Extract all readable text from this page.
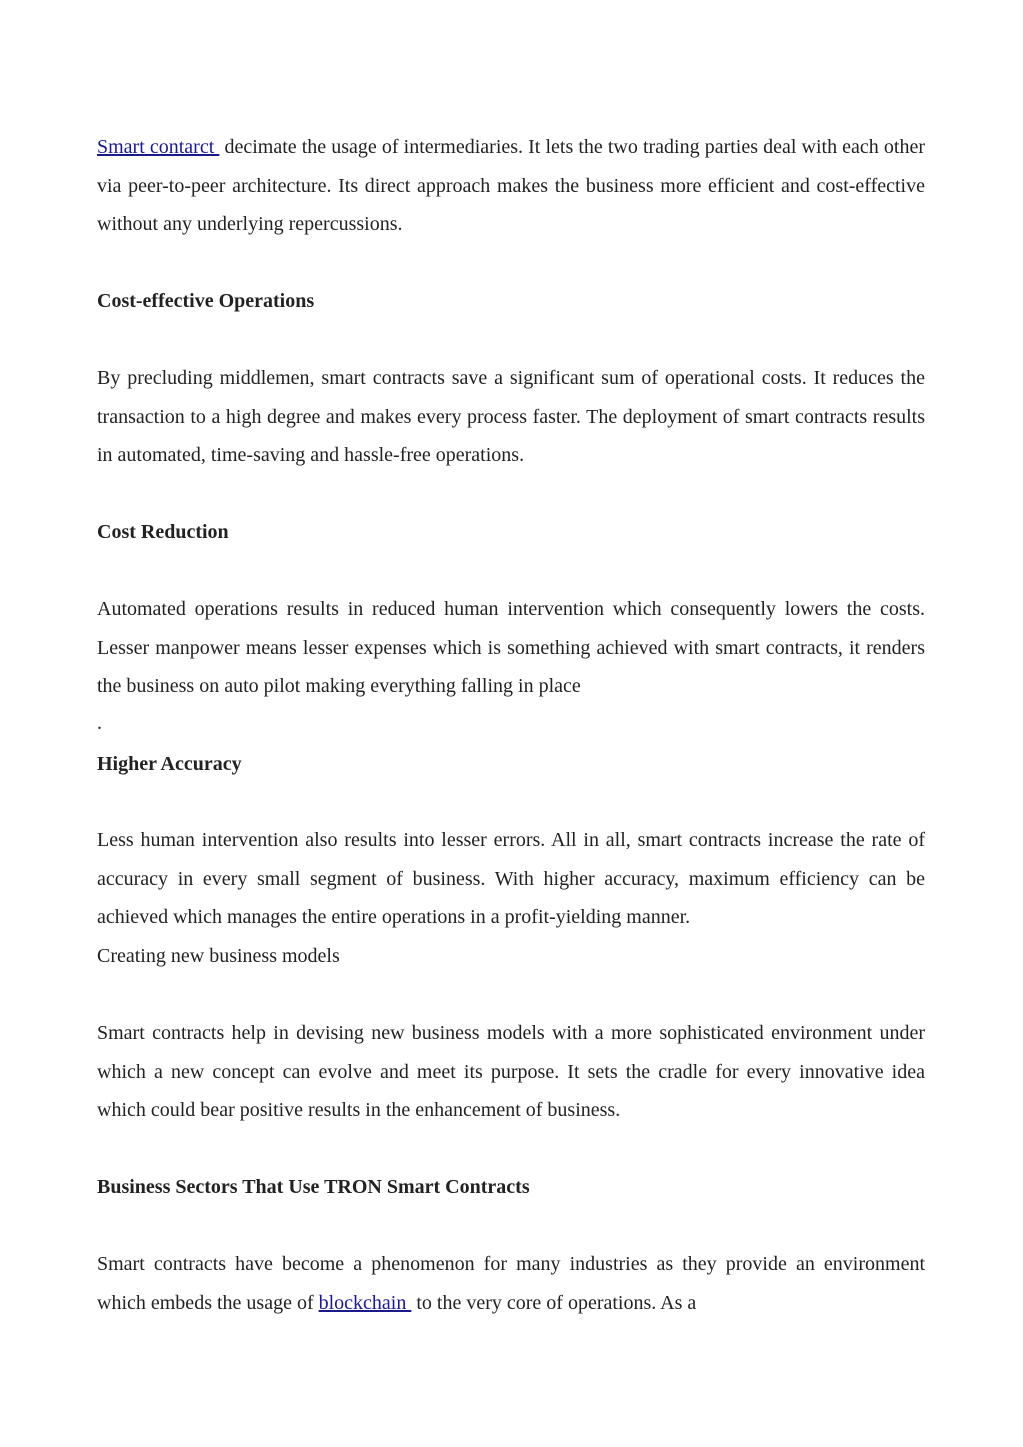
Smart contarct  decimate the usage of intermediaries. It lets the two trading parties deal with each other via peer-to-peer architecture. Its direct approach makes the business more efficient and cost-effective without any underlying repercussions.

Cost-effective Operations

By precluding middlemen, smart contracts save a significant sum of operational costs. It reduces the transaction to a high degree and makes every process faster. The deployment of smart contracts results in automated, time-saving and hassle-free operations.

Cost Reduction

Automated operations results in reduced human intervention which consequently lowers the costs. Lesser manpower means lesser expenses which is something achieved with smart contracts, it renders the business on auto pilot making everything falling in place

.

Higher Accuracy

Less human intervention also results into lesser errors. All in all, smart contracts increase the rate of accuracy in every small segment of business. With higher accuracy, maximum efficiency can be achieved which manages the entire operations in a profit-yielding manner.

Creating new business models

Smart contracts help in devising new business models with a more sophisticated environment under which a new concept can evolve and meet its purpose. It sets the cradle for every innovative idea which could bear positive results in the enhancement of business.

Business Sectors That Use TRON Smart Contracts

Smart contracts have become a phenomenon for many industries as they provide an environment which embeds the usage of blockchain  to the very core of operations. As a
